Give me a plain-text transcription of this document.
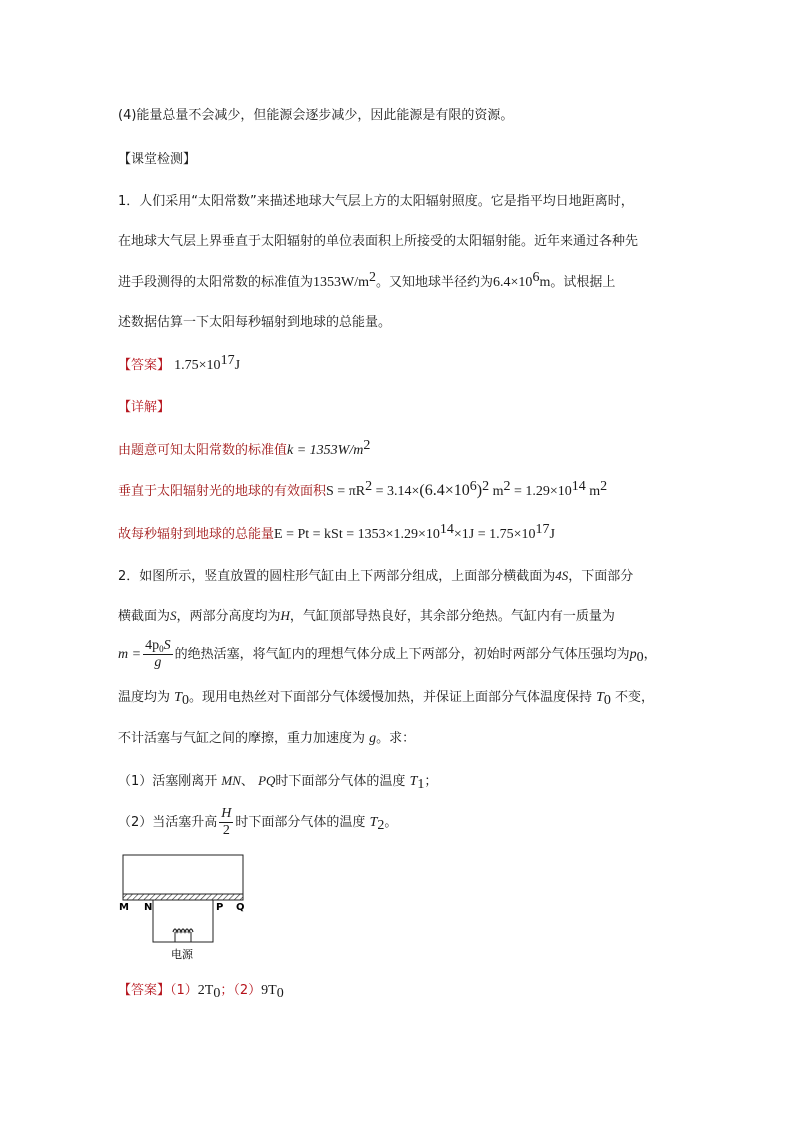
(4)能量总量不会减少，但能源会逐步减少，因此能源是有限的资源。
【课堂检测】
1．人们采用“太阳常数”来描述地球大气层上方的太阳辐射照度。它是指平均日地距离时，
在地球大气层上界垂直于太阳辐射的单位表面积上所接受的太阳辐射能。近年来通过各种先
进手段测得的太阳常数的标准值为$1353W/m^2$。又知地球半径约为$6.4\times 10^6m$。试根据上
述数据估算一下太阳每秒辐射到地球的总能量。
【答案】 $1.75\times 10^{17}J$
【详解】
由题意可知太阳常数的标准值$k = 1353W/m^2$
垂直于太阳辐射光的地球的有效面积$S = \pi R^2 = 3.14\times(6.4\times 10^6)^2$ $m^2 = 1.29\times 10^{14}$ $m^2$
故每秒辐射到地球的总能量E = Pt = kSt = $1353\times 1.29\times 10^{14}\times 1J = 1.75\times 10^{17}J$
2．如图所示，竖直放置的圆柱形气缸由上下两部分组成，上面部分横截面为4S，下面部分
横截面为S，两部分高度均为H，气缸顶部导热良好，其余部分绝热。气缸内有一质量为
$m = \frac{4p_0S}{g}$ 的绝热活塞，将气缸内的理想气体分成上下两部分，初始时两部分气体压强均为$p_0$，
温度均为 $T_0$。现用电热丝对下面部分气体缓慢加热，并保证上面部分气体温度保持 $T_0$ 不变，
不计活塞与气缸之间的摩擦，重力加速度为 g。求：
（1）活塞刚离开 MN、 PQ时下面部分气体的温度 $T_1$；
（2）当活塞升高 $\frac{H}{2}$ 时下面部分气体的温度 $T_2$。
M N	P Q
电源
【答案】$(1)2T_0$；$(2)9T_0$
